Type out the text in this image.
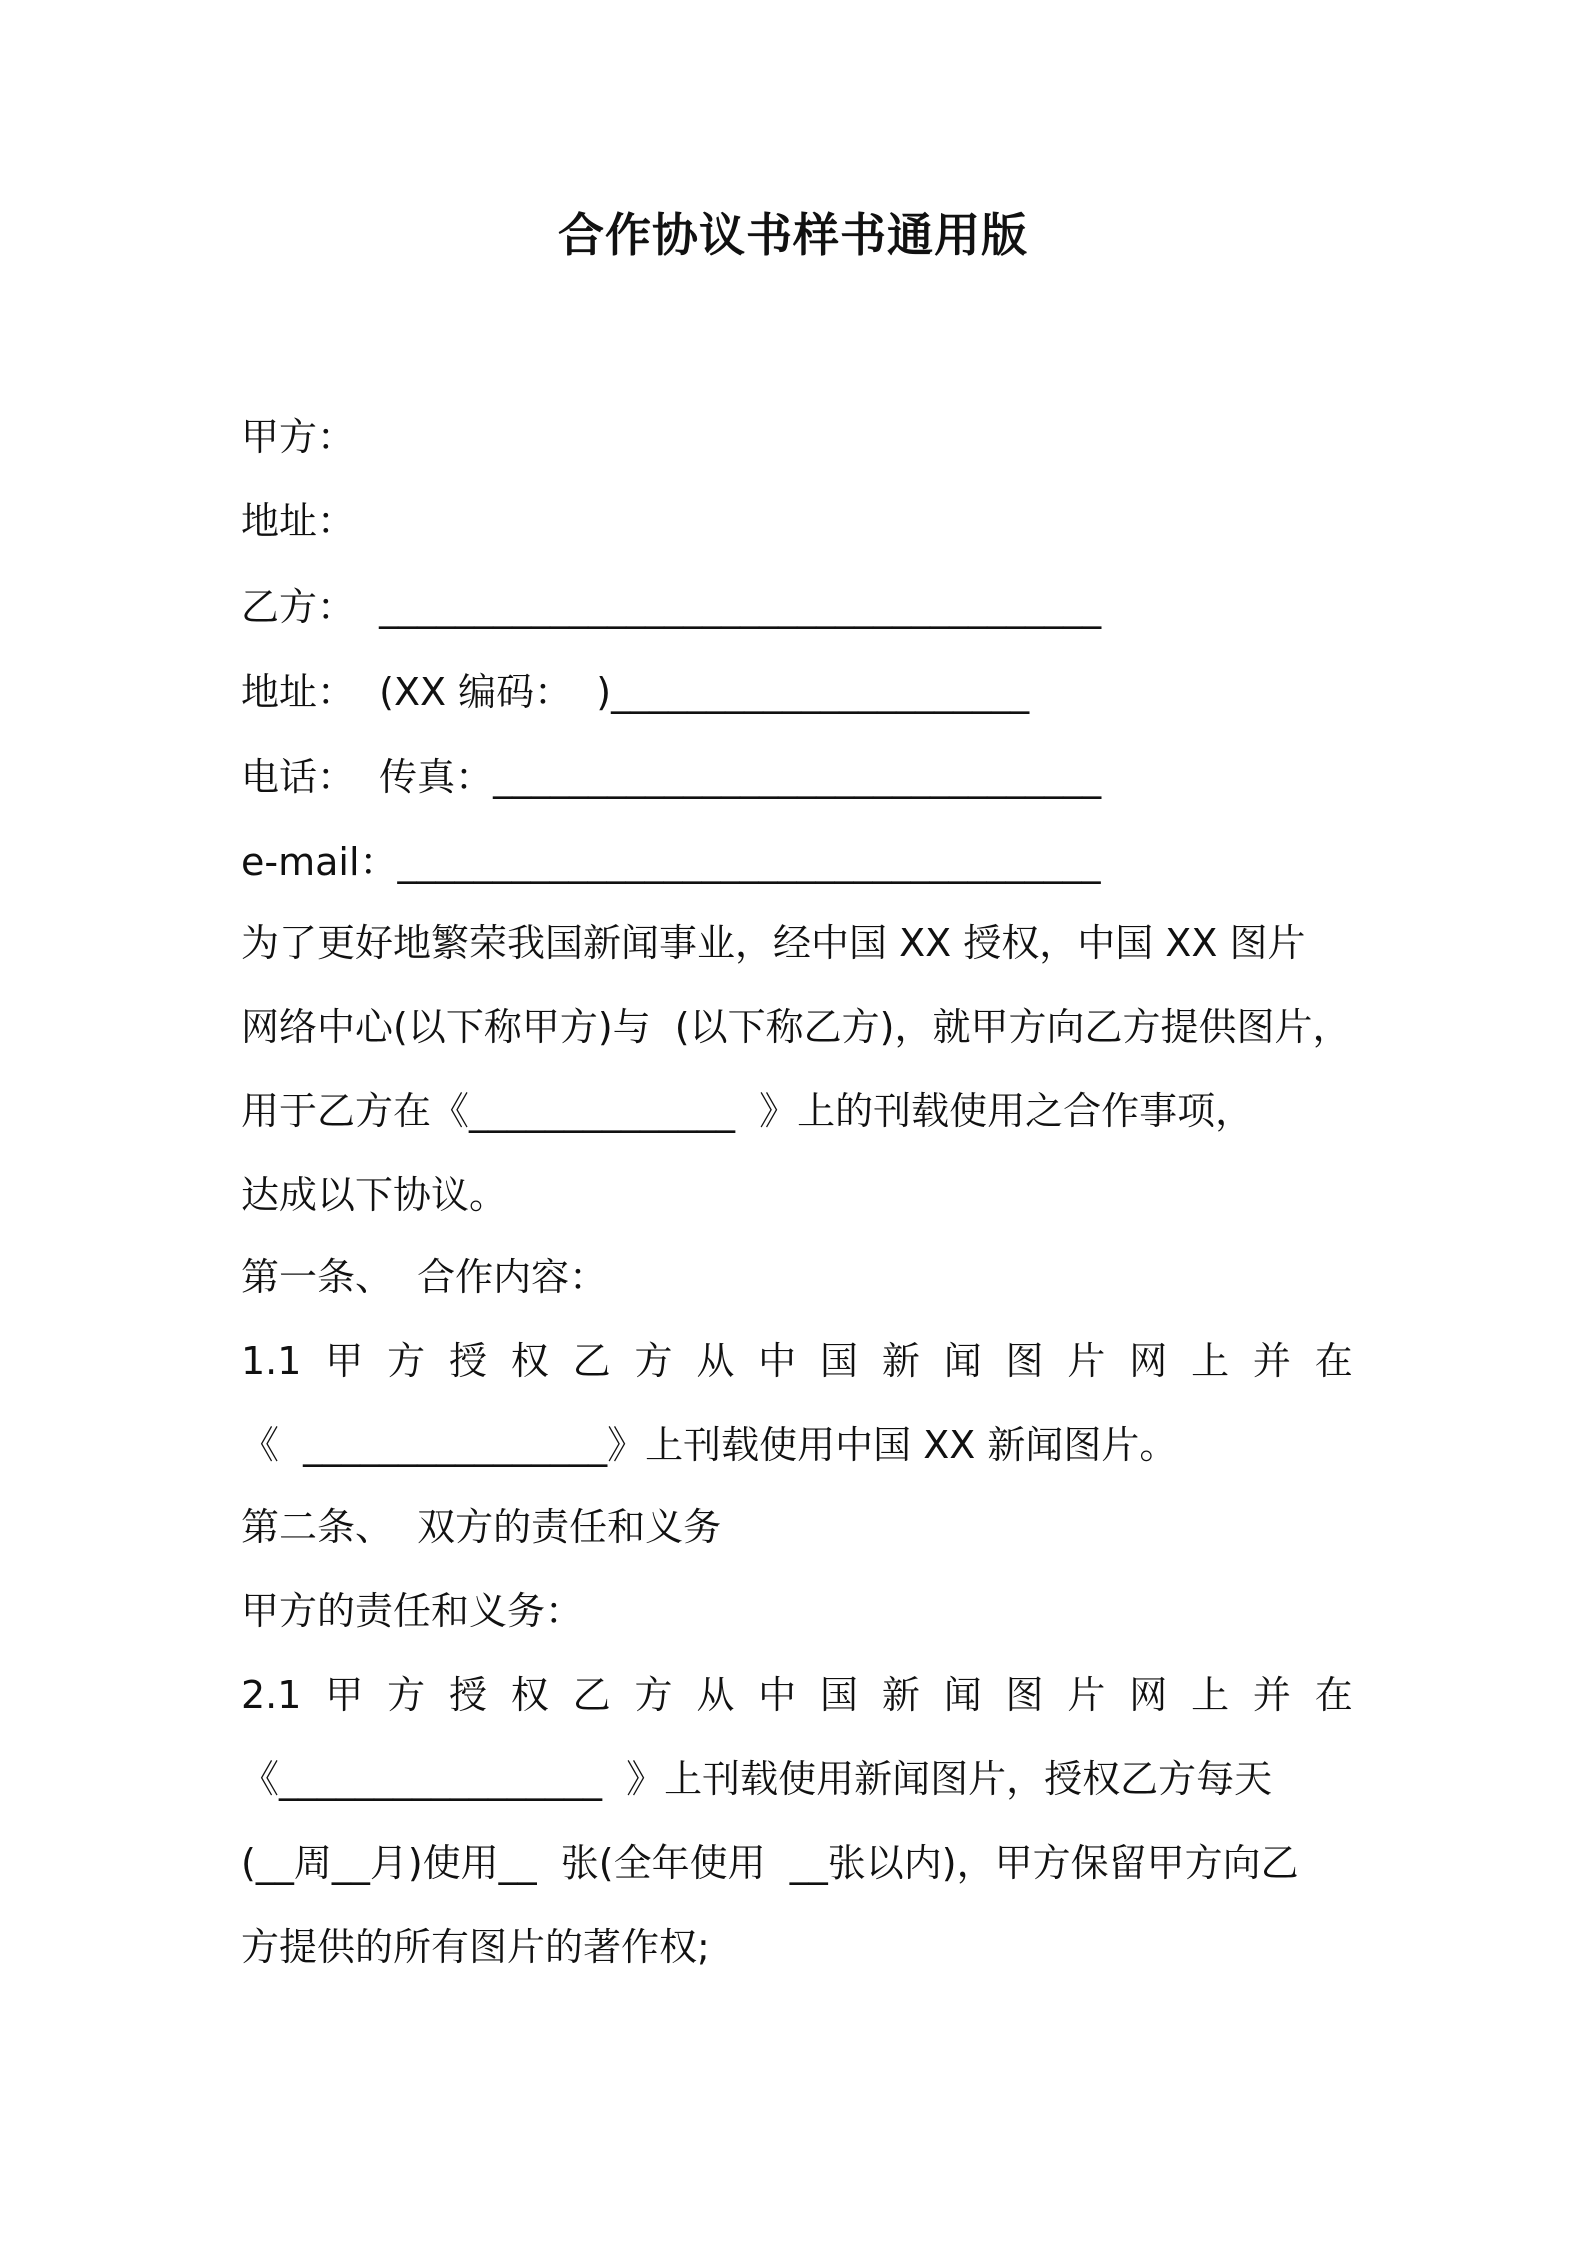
合作协议书样书通用版
甲方：
地址：
乙方：  ______________________________________
地址：  (XX 编码：  )______________________
电话：  传真：________________________________
e-mail：_____________________________________
为了更好地繁荣我国新闻事业，经中国 XX 授权，中国 XX 图片
网络中心(以下称甲方)与  (以下称乙方)，就甲方向乙方提供图片，
用于乙方在《______________  》上的刊载使用之合作事项，
达成以下协议。
第一条、  合作内容：
1.1 甲 方 授 权 乙 方 从 中 国 新 闻 图 片 网 上 并 在
《  ________________》上刊载使用中国 XX 新闻图片。
第二条、  双方的责任和义务
甲方的责任和义务：
2.1 甲 方 授 权 乙 方 从 中 国 新 闻 图 片 网 上 并 在
《_________________  》上刊载使用新闻图片，授权乙方每天
(__周__月)使用__  张(全年使用  __张以内)，甲方保留甲方向乙
方提供的所有图片的著作权;
